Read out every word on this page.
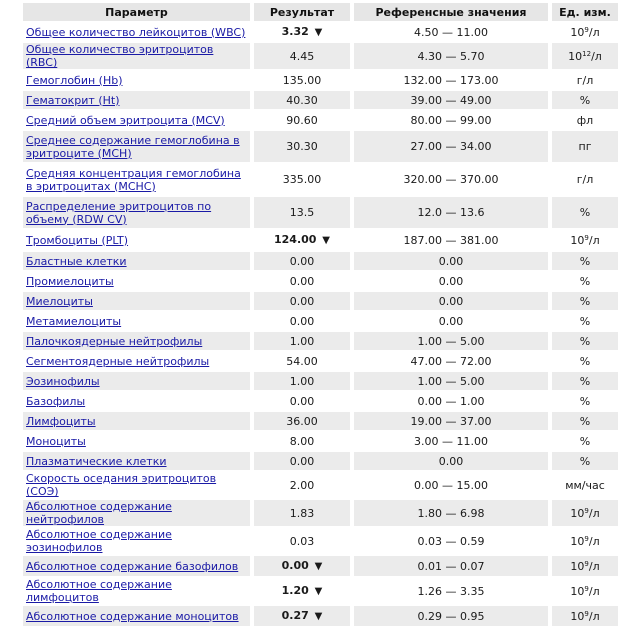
Параметр	Результат	Референсные значения	Ед. изм.
Общее количество лейкоцитов (WBC)	3.32 ▼	4.50 — 11.00	$10^9/л$
Общее количество эритроцитов (RBC)	4.45	4.30 — 5.70	$10^{12}/л$
Гемоглобин (Hb)	135.00	132.00 — 173.00	г/л
Гематокрит (Ht)	40.30	39.00 — 49.00	%
Средний объем эритроцита (MCV)	90.60	80.00 — 99.00	фл
Среднее содержание гемоглобина в эритроците (MCH)	30.30	27.00 — 34.00	пг
Средняя концентрация гемоглобина в эритроцитах (MCHC)	335.00	320.00 — 370.00	г/л
Распределение эритроцитов по объему (RDW CV)	13.5	12.0 — 13.6	%
Тромбоциты (PLT)	124.00 ▼	187.00 — 381.00	$10^9/л$
Бластные клетки	0.00	0.00	%
Промиелоциты	0.00	0.00	%
Миелоциты	0.00	0.00	%
Метамиелоциты	0.00	0.00	%
Палочкоядерные нейтрофилы	1.00	1.00 — 5.00	%
Сегментоядерные нейтрофилы	54.00	47.00 — 72.00	%
Эозинофилы	1.00	1.00 — 5.00	%
Базофилы	0.00	0.00 — 1.00	%
Лимфоциты	36.00	19.00 — 37.00	%
Моноциты	8.00	3.00 — 11.00	%
Плазматические клетки	0.00	0.00	%
Скорость оседания эритроцитов (СОЭ)	2.00	0.00 — 15.00	мм/час
Абсолютное содержание нейтрофилов	1.83	1.80 — 6.98	$10^9/л$
Абсолютное содержание эозинофилов	0.03	0.03 — 0.59	$10^9/л$
Абсолютное содержание базофилов	0.00 ▼	0.01 — 0.07	$10^9/л$
Абсолютное содержание лимфоцитов	1.20 ▼	1.26 — 3.35	$10^9/л$
Абсолютное содержание моноцитов	0.27 ▼	0.29 — 0.95	$10^9/л$
